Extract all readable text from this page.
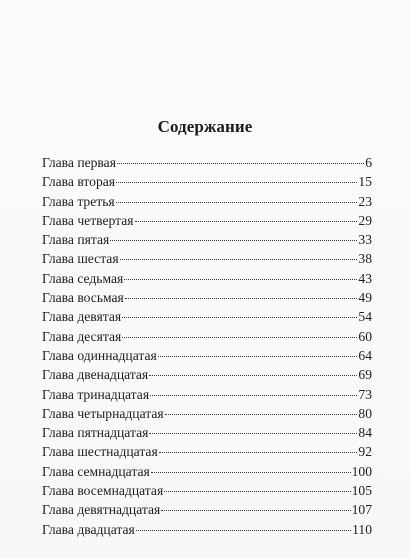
Содержание
Глава первая	6
Глава вторая	15
Глава третья	23
Глава четвертая	29
Глава пятая	33
Глава шестая	38
Глава седьмая	43
Глава восьмая	49
Глава девятая	54
Глава десятая	60
Глава одиннадцатая	64
Глава двенадцатая	69
Глава тринадцатая	73
Глава четырнадцатая	80
Глава пятнадцатая	84
Глава шестнадцатая	92
Глава семнадцатая	100
Глава восемнадцатая	105
Глава девятнадцатая	107
Глава двадцатая	110
